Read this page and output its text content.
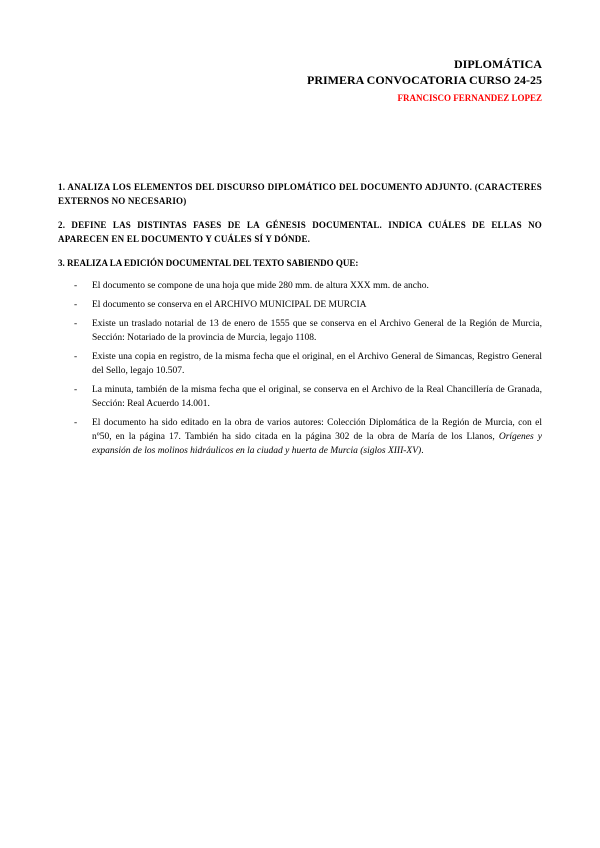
DIPLOMÁTICA
PRIMERA CONVOCATORIA CURSO 24-25
FRANCISCO FERNANDEZ LOPEZ

1. ANALIZA LOS ELEMENTOS DEL DISCURSO DIPLOMÁTICO DEL DOCUMENTO ADJUNTO. (CARACTERES EXTERNOS NO NECESARIO)

2. DEFINE LAS DISTINTAS FASES DE LA GÉNESIS DOCUMENTAL. INDICA CUÁLES DE ELLAS NO APARECEN EN EL DOCUMENTO Y CUÁLES SÍ Y DÓNDE.

3. REALIZA LA EDICIÓN DOCUMENTAL DEL TEXTO SABIENDO QUE:

- El documento se compone de una hoja que mide 280 mm. de altura XXX mm. de ancho.
- El documento se conserva en el ARCHIVO MUNICIPAL DE MURCIA
- Existe un traslado notarial de 13 de enero de 1555 que se conserva en el Archivo General de la Región de Murcia, Sección: Notariado de la provincia de Murcia, legajo 1108.
- Existe una copia en registro, de la misma fecha que el original, en el Archivo General de Simancas, Registro General del Sello, legajo 10.507.
- La minuta, también de la misma fecha que el original, se conserva en el Archivo de la Real Chancillería de Granada, Sección: Real Acuerdo 14.001.
- El documento ha sido editado en la obra de varios autores: Colección Diplomática de la Región de Murcia, con el nº50, en la página 17. También ha sido citada en la página 302 de la obra de María de los Llanos, Orígenes y expansión de los molinos hidráulicos en la ciudad y huerta de Murcia (siglos XIII-XV).
